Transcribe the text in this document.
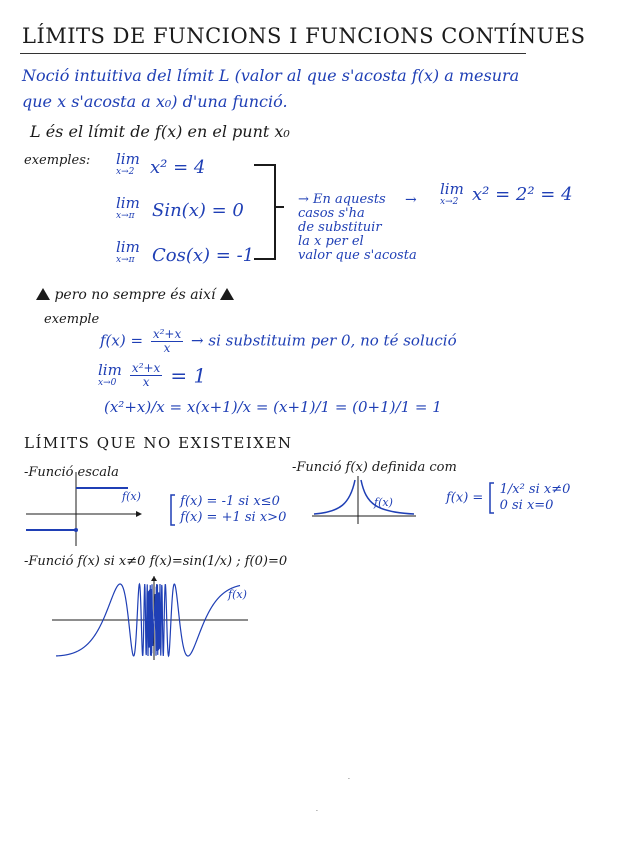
LÍMITS DE FUNCIONS I FUNCIONS CONTÍNUES
Noció intuitiva del límit L (valor al que s'acosta f(x) a mesura
que x s'acosta a x₀) d'una funció.
L és el límit de f(x) en el punt x₀
exemples: lim
x→2 x² = 4
lim
x→π Sin(x) = 0
lim
x→π Cos(x) = -1
→ En aquests
casos s'ha
de substituir
la x per el
valor que s'acosta
→
lim
x→2 x² = 2² = 4
pero no sempre és així
exemple
$f(x) = \frac{\text{x²+x}}{x}$ → si substituim per 0, no té solució
lim
x→0
	$\frac{\text{x²+x}}{x} = 1$
(x²+x)/x = x(x+1)/x = (x+1)/1 = (0+1)/1 = 1
LÍMITS QUE NO EXISTEIXEN
-Funció escala	-Funció f(x) definida com
f(x)
	f(x) = -1 si x≤0
f(x) = +1 si x>0
f(x)	f(x) =
1/x² si x≠0
0 si x=0
-Funció f(x) si x≠0 f(x)=sin(1/x) ; f(0)=0
f(x)
·
·
